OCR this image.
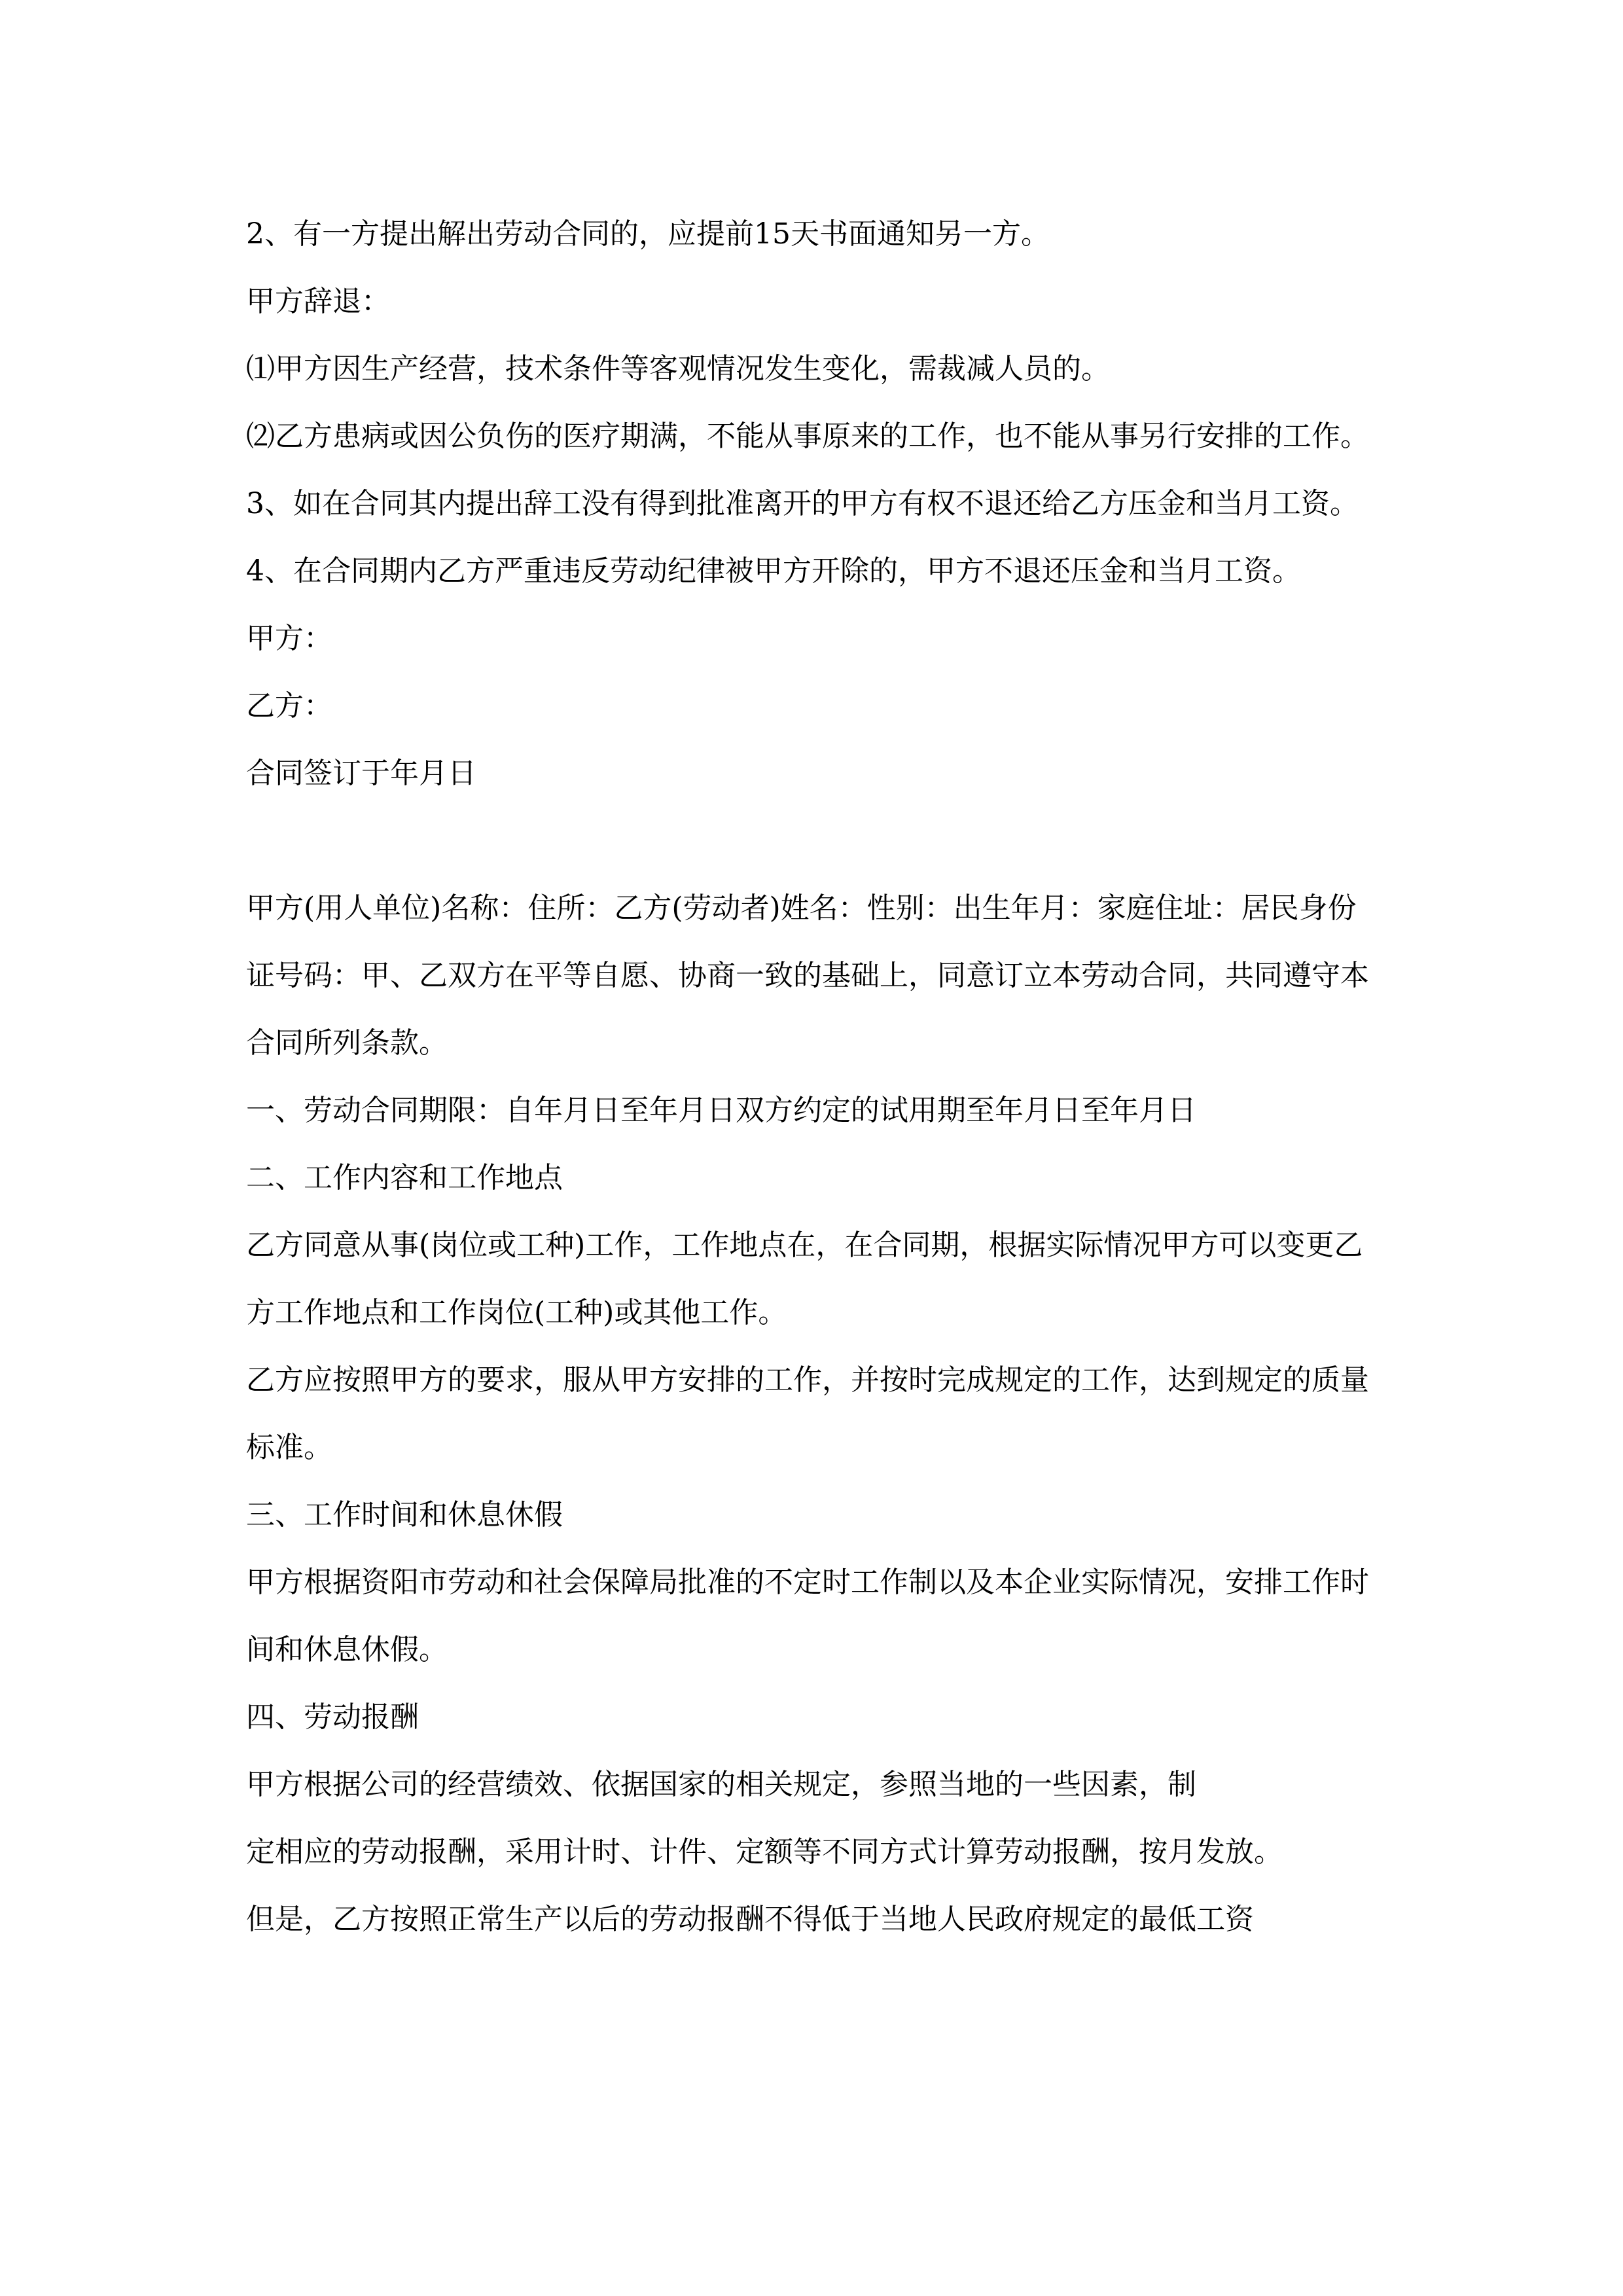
2、有一方提出解出劳动合同的，应提前15天书面通知另一方。

甲方辞退：

⑴甲方因生产经营，技术条件等客观情况发生变化，需裁减人员的。

⑵乙方患病或因公负伤的医疗期满，不能从事原来的工作，也不能从事另行安排的工作。

3、如在合同其内提出辞工没有得到批准离开的甲方有权不退还给乙方压金和当月工资。

4、在合同期内乙方严重违反劳动纪律被甲方开除的，甲方不退还压金和当月工资。

甲方：

乙方：

合同签订于年月日

甲方(用人单位)名称：住所：乙方(劳动者)姓名：性别：出生年月：家庭住址：居民身份证号码：甲、乙双方在平等自愿、协商一致的基础上，同意订立本劳动合同，共同遵守本合同所列条款。

一、劳动合同期限：自年月日至年月日双方约定的试用期至年月日至年月日

二、工作内容和工作地点

乙方同意从事(岗位或工种)工作，工作地点在，在合同期，根据实际情况甲方可以变更乙方工作地点和工作岗位(工种)或其他工作。

乙方应按照甲方的要求，服从甲方安排的工作，并按时完成规定的工作，达到规定的质量标准。

三、工作时间和休息休假

甲方根据资阳市劳动和社会保障局批准的不定时工作制以及本企业实际情况，安排工作时间和休息休假。

四、劳动报酬

甲方根据公司的经营绩效、依据国家的相关规定，参照当地的一些因素，制

定相应的劳动报酬，采用计时、计件、定额等不同方式计算劳动报酬，按月发放。

但是，乙方按照正常生产以后的劳动报酬不得低于当地人民政府规定的最低工资
